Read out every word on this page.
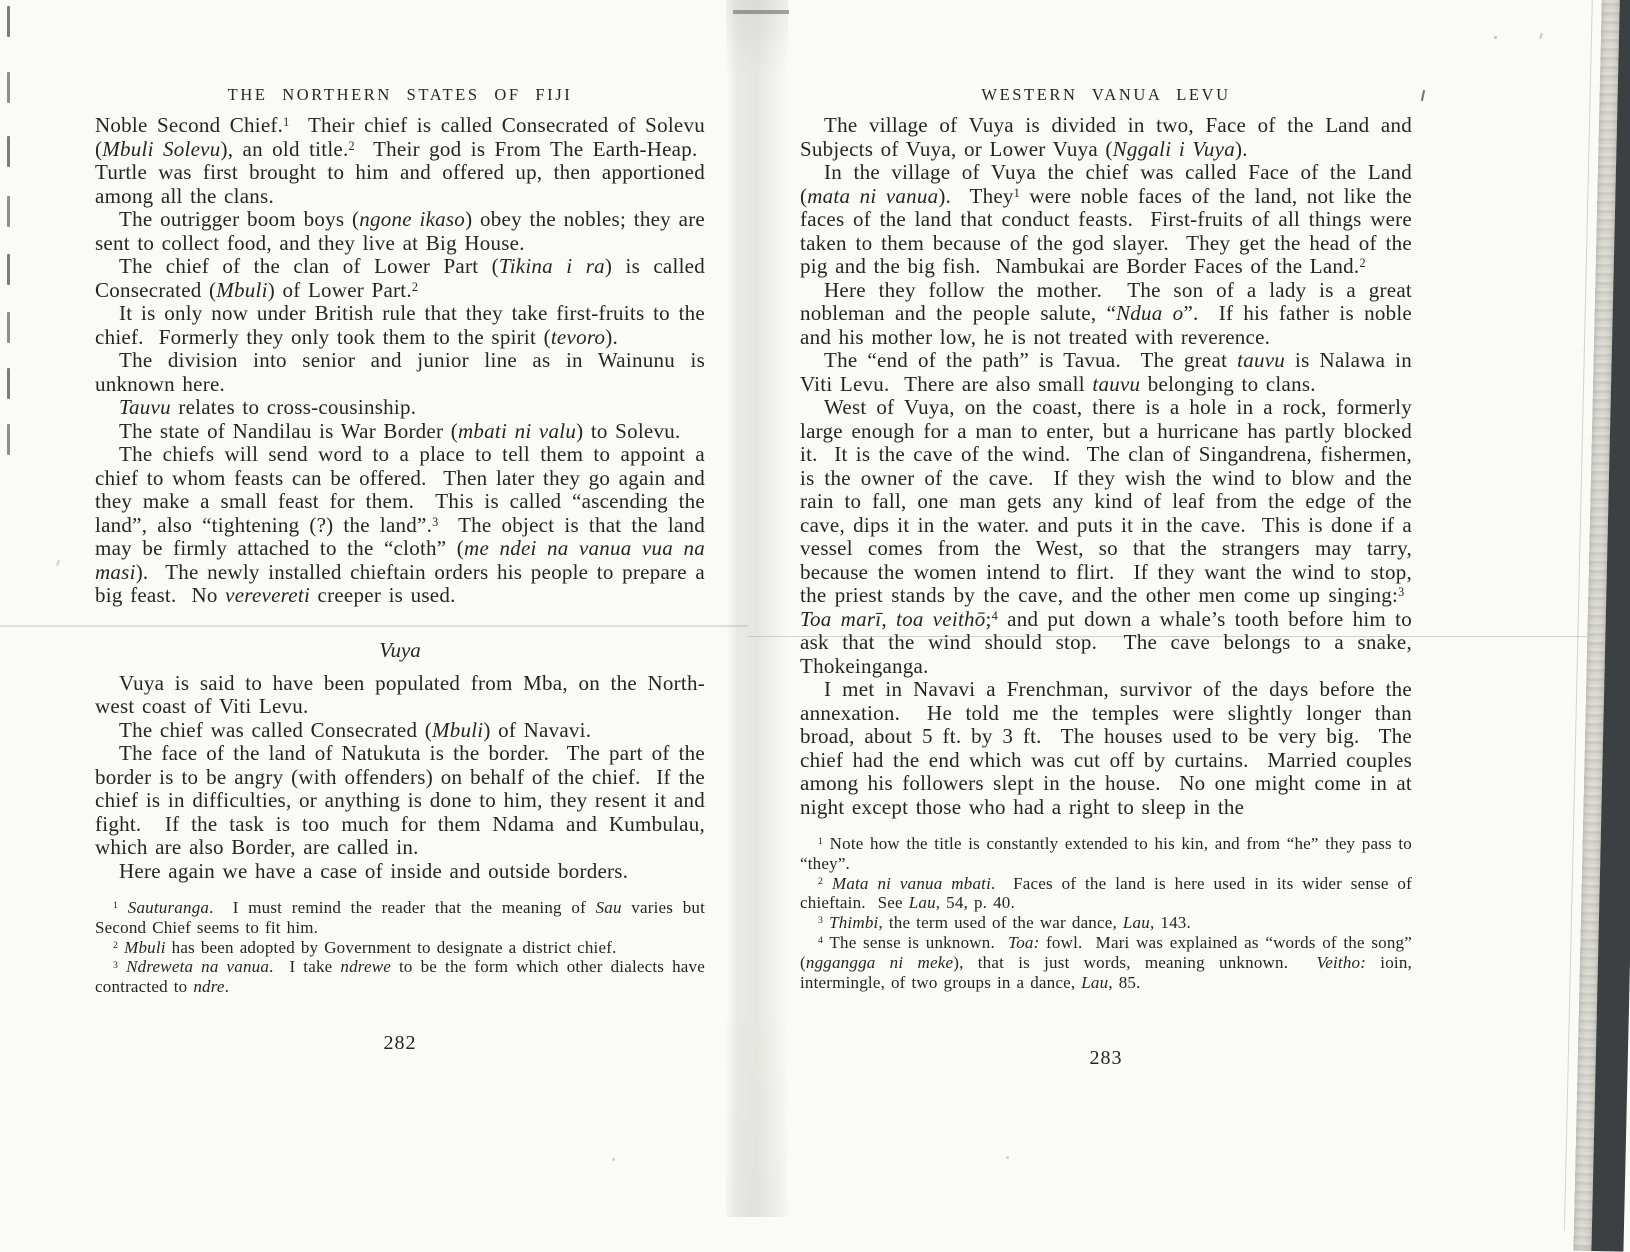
THE NORTHERN STATES OF FIJI

Noble Second Chief.$^1$  Their chief is called Consecrated of Solevu (Mbuli Solevu), an old title.$^2$  Their god is From The Earth-Heap.  Turtle was first brought to him and offered up, then apportioned among all the clans.

The outrigger boom boys (ngone ikaso) obey the nobles; they are sent to collect food, and they live at Big House.

The chief of the clan of Lower Part (Tikina i ra) is called Consecrated (Mbuli) of Lower Part.$^2$

It is only now under British rule that they take first-fruits to the chief.  Formerly they only took them to the spirit (tevoro).

The division into senior and junior line as in Wainunu is unknown here.

Tauvu relates to cross-cousinship.

The state of Nandilau is War Border (mbati ni valu) to Solevu.

The chiefs will send word to a place to tell them to appoint a chief to whom feasts can be offered.  Then later they go again and they make a small feast for them.  This is called “ascending the land”, also “tightening (?) the land”.$^3$  The object is that the land may be firmly attached to the “cloth” (me ndei na vanua vua na masi).  The newly installed chieftain orders his people to prepare a big feast.  No verevereti creeper is used.

Vuya

Vuya is said to have been populated from Mba, on the North-west coast of Viti Levu.

The chief was called Consecrated (Mbuli) of Navavi.

The face of the land of Natukuta is the border.  The part of the border is to be angry (with offenders) on behalf of the chief.  If the chief is in difficulties, or anything is done to him, they resent it and fight.  If the task is too much for them Ndama and Kumbulau, which are also Border, are called in.

Here again we have a case of inside and outside borders.

$^1$ Sauturanga.  I must remind the reader that the meaning of Sau varies but Second Chief seems to fit him.

$^2$ Mbuli has been adopted by Government to designate a district chief.

$^3$ Ndreweta na vanua.  I take ndrewe to be the form which other dialects have contracted to ndre.

282
WESTERN VANUA LEVU

The village of Vuya is divided in two, Face of the Land and Subjects of Vuya, or Lower Vuya (Nggali i Vuya).

In the village of Vuya the chief was called Face of the Land (mata ni vanua).  They$^1$ were noble faces of the land, not like the faces of the land that conduct feasts.  First-fruits of all things were taken to them because of the god slayer.  They get the head of the pig and the big fish.  Nambukai are Border Faces of the Land.$^2$

Here they follow the mother.  The son of a lady is a great nobleman and the people salute, “Ndua o”.  If his father is noble and his mother low, he is not treated with reverence.

The “end of the path” is Tavua.  The great tauvu is Nalawa in Viti Levu.  There are also small tauvu belonging to clans.

West of Vuya, on the coast, there is a hole in a rock, formerly large enough for a man to enter, but a hurricane has partly blocked it.  It is the cave of the wind.  The clan of Singandrena, fishermen, is the owner of the cave.  If they wish the wind to blow and the rain to fall, one man gets any kind of leaf from the edge of the cave, dips it in the water. and puts it in the cave.  This is done if a vessel comes from the West, so that the strangers may tarry, because the women intend to flirt.  If they want the wind to stop, the priest stands by the cave, and the other men come up singing:$^3$  Toa marī, toa veithō;$^4$ and put down a whale’s tooth before him to ask that the wind should stop.  The cave belongs to a snake, Thokeinganga.

I met in Navavi a Frenchman, survivor of the days before the annexation.  He told me the temples were slightly longer than broad, about 5 ft. by 3 ft.  The houses used to be very big.  The chief had the end which was cut off by curtains.  Married couples among his followers slept in the house.  No one might come in at night except those who had a right to sleep in the

$^1$ Note how the title is constantly extended to his kin, and from “he” they pass to “they”.

$^2$ Mata ni vanua mbati.  Faces of the land is here used in its wider sense of chieftain.  See Lau, 54, p. 40.

$^3$ Thimbi, the term used of the war dance, Lau, 143.

$^4$ The sense is unknown.  Toa: fowl.  Mari was explained as “words of the song” (nggangga ni meke), that is just words, meaning unknown.  Veitho: ioin, intermingle, of two groups in a dance, Lau, 85.

283
